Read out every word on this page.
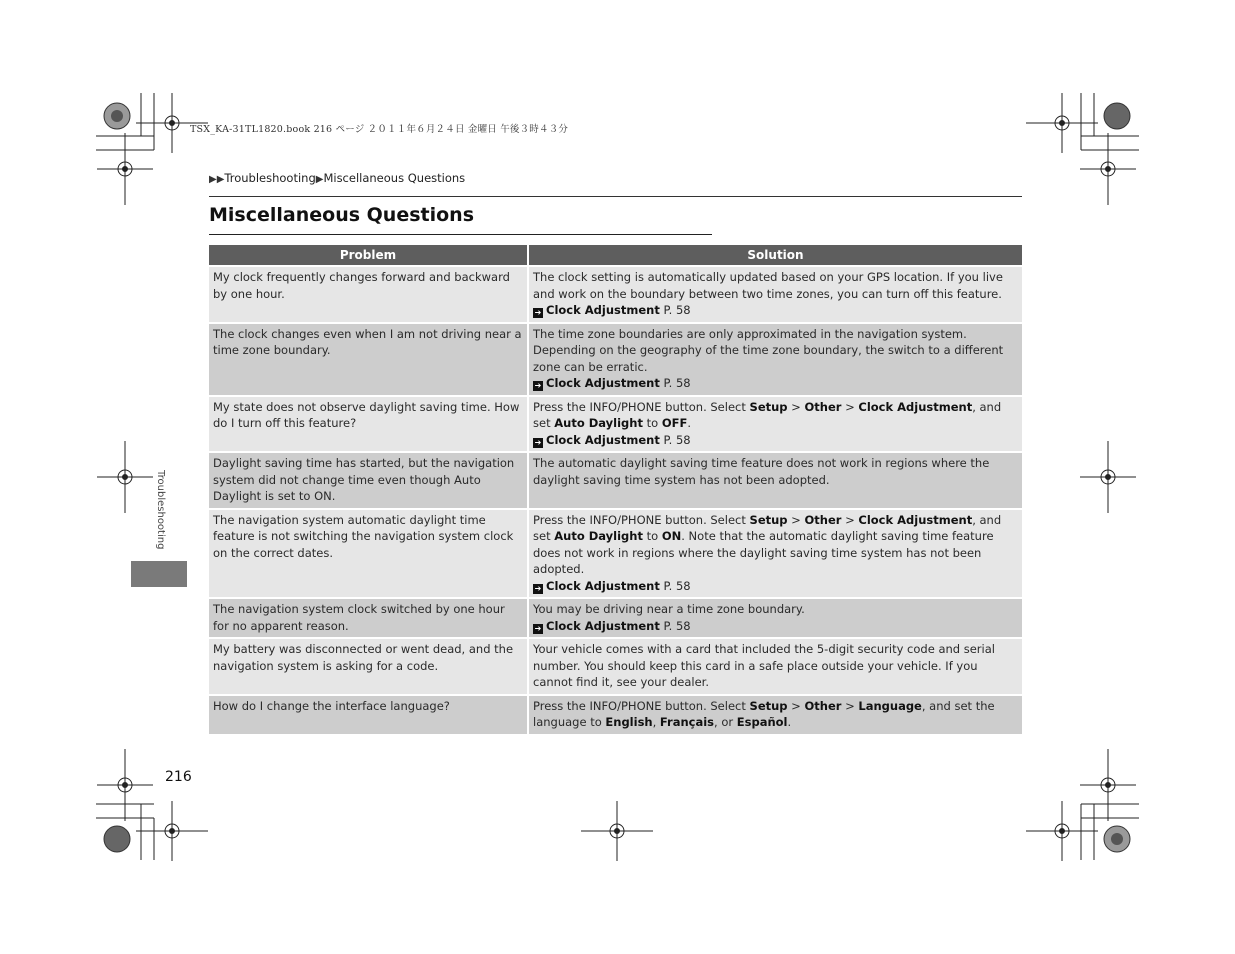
TSX_KA-31TL1820.book 216 ページ ２０１１年６月２４日 金曜日 午後３時４３分
▶▶Troubleshooting▶Miscellaneous Questions
Miscellaneous Questions
Troubleshooting
Problem	Solution
My clock frequently changes forward and backward by one hour.	The clock setting is automatically updated based on your GPS location. If you live and work on the boundary between two time zones, you can turn off this feature.
➔ Clock Adjustment P. 58

The clock changes even when I am not driving near a time zone boundary.	The time zone boundaries are only approximated in the navigation system. Depending on the geography of the time zone boundary, the switch to a different zone can be erratic.
➔ Clock Adjustment P. 58

My state does not observe daylight saving time. How do I turn off this feature?	Press the INFO/PHONE button. Select Setup > Other > Clock Adjustment, and set Auto Daylight to OFF.
➔ Clock Adjustment P. 58

Daylight saving time has started, but the navigation system did not change time even though Auto Daylight is set to ON.	The automatic daylight saving time feature does not work in regions where the daylight saving time system has not been adopted.
The navigation system automatic daylight time feature is not switching the navigation system clock on the correct dates.	Press the INFO/PHONE button. Select Setup > Other > Clock Adjustment, and set Auto Daylight to ON. Note that the automatic daylight saving time feature does not work in regions where the daylight saving time system has not been adopted.
➔ Clock Adjustment P. 58

The navigation system clock switched by one hour for no apparent reason.	You may be driving near a time zone boundary.
➔ Clock Adjustment P. 58

My battery was disconnected or went dead, and the navigation system is asking for a code.	Your vehicle comes with a card that included the 5-digit security code and serial number. You should keep this card in a safe place outside your vehicle. If you cannot find it, see your dealer.
How do I change the interface language?	Press the INFO/PHONE button. Select Setup > Other > Language, and set the language to English, Français, or Español.
216
